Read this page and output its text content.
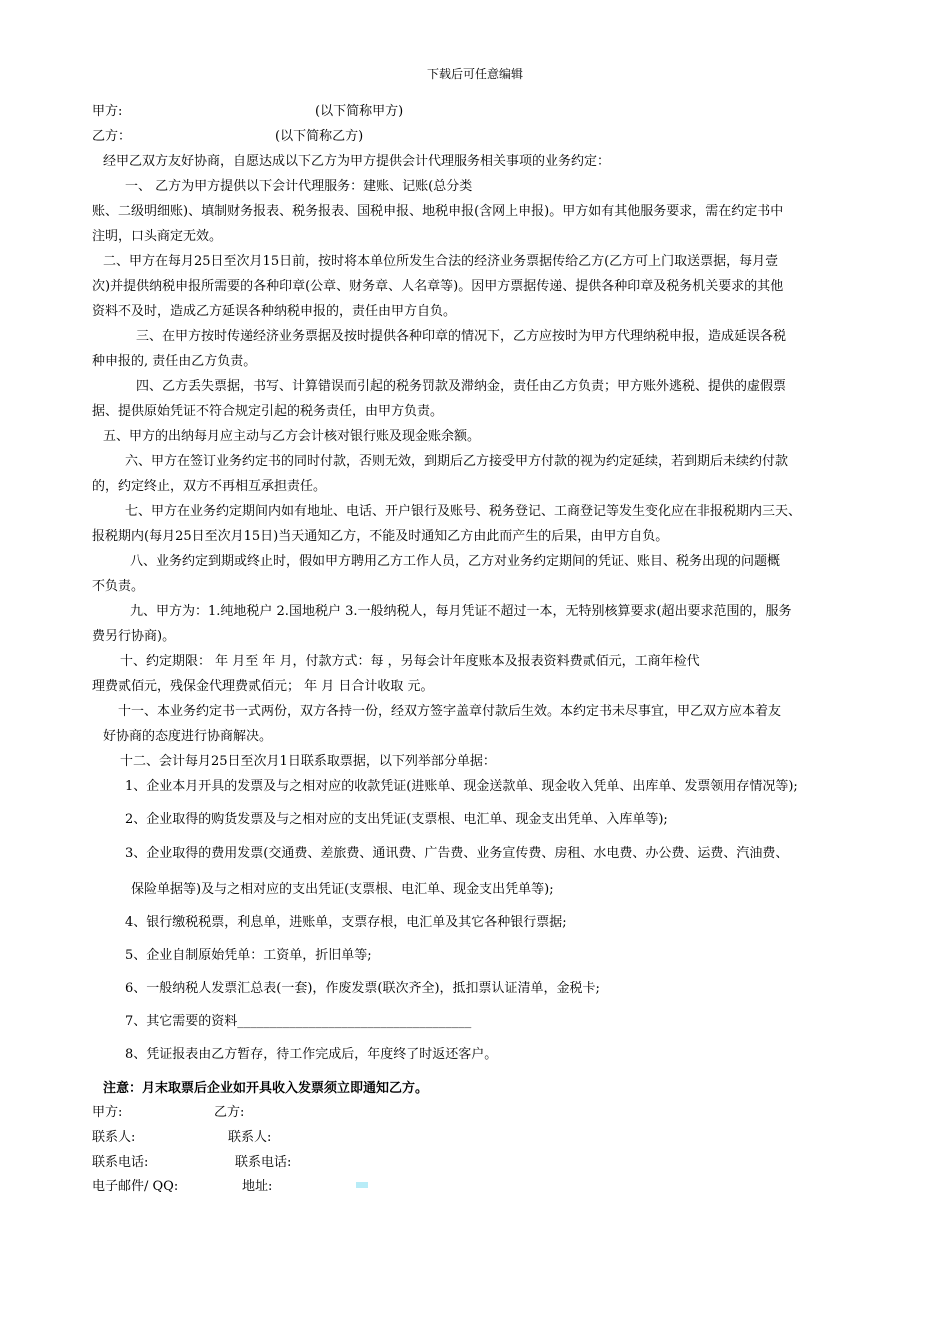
下载后可任意编辑
甲方:	(以下简称甲方)
乙方：	(以下简称乙方)
经甲乙双方友好协商，自愿达成以下乙方为甲方提供会计代理服务相关事项的业务约定：
一、 乙方为甲方提供以下会计代理服务：建账、记账(总分类
账、二级明细账)、填制财务报表、税务报表、国税申报、地税申报(含网上申报)。甲方如有其他服务要求，需在约定书中
注明，口头商定无效。
二、甲方在每月25日至次月15日前，按时将本单位所发生合法的经济业务票据传给乙方(乙方可上门取送票据，每月壹
次)并提供纳税申报所需要的各种印章(公章、财务章、人名章等)。因甲方票据传递、提供各种印章及税务机关要求的其他
资料不及时，造成乙方延误各种纳税申报的，责任由甲方自负。
三、在甲方按时传递经济业务票据及按时提供各种印章的情况下，乙方应按时为甲方代理纳税申报，造成延误各税
种申报的, 责任由乙方负责。
四、乙方丢失票据，书写、计算错误而引起的税务罚款及滞纳金，责任由乙方负责；甲方账外逃税、提供的虚假票
据、提供原始凭证不符合规定引起的税务责任，由甲方负责。
五、甲方的出纳每月应主动与乙方会计核对银行账及现金账余额。
六、甲方在签订业务约定书的同时付款，否则无效，到期后乙方接受甲方付款的视为约定延续，若到期后未续约付款
的，约定终止，双方不再相互承担责任。
七、甲方在业务约定期间内如有地址、电话、开户银行及账号、税务登记、工商登记等发生变化应在非报税期内三天、
报税期内(每月25日至次月15日)当天通知乙方，不能及时通知乙方由此而产生的后果，由甲方自负。
八、业务约定到期或终止时，假如甲方聘用乙方工作人员，乙方对业务约定期间的凭证、账目、税务出现的问题概
不负责。
九、甲方为：1.纯地税户 2.国地税户 3.一般纳税人，每月凭证不超过一本，无特别核算要求(超出要求范围的，服务
费另行协商)。
十、约定期限： 年 月至 年 月，付款方式：每 ，另每会计年度账本及报表资料费贰佰元，工商年检代
理费贰佰元，残保金代理费贰佰元； 年 月 日合计收取 元。
十一、本业务约定书一式两份，双方各持一份，经双方签字盖章付款后生效。本约定书未尽事宜，甲乙双方应本着友
好协商的态度进行协商解决。
十二、会计每月25日至次月1日联系取票据，以下列举部分单据：
1、企业本月开具的发票及与之相对应的收款凭证(进账单、现金送款单、现金收入凭单、出库单、发票领用存情况等);
2、企业取得的购货发票及与之相对应的支出凭证(支票根、电汇单、现金支出凭单、入库单等);
3、企业取得的费用发票(交通费、差旅费、通讯费、广告费、业务宣传费、房租、水电费、办公费、运费、汽油费、
保险单据等)及与之相对应的支出凭证(支票根、电汇单、现金支出凭单等);
4、银行缴税税票，利息单，进账单，支票存根，电汇单及其它各种银行票据;
5、企业自制原始凭单：工资单，折旧单等;
6、一般纳税人发票汇总表(一套)，作废发票(联次齐全)，抵扣票认证清单，金税卡;
7、其它需要的资料____________________________________
8、凭证报表由乙方暂存，待工作完成后，年度终了时返还客户。
注意：月末取票后企业如开具收入发票须立即通知乙方。
甲方:	乙方:
联系人:	联系人:
联系电话:	联系电话:
电子邮件/ QQ:	地址:
